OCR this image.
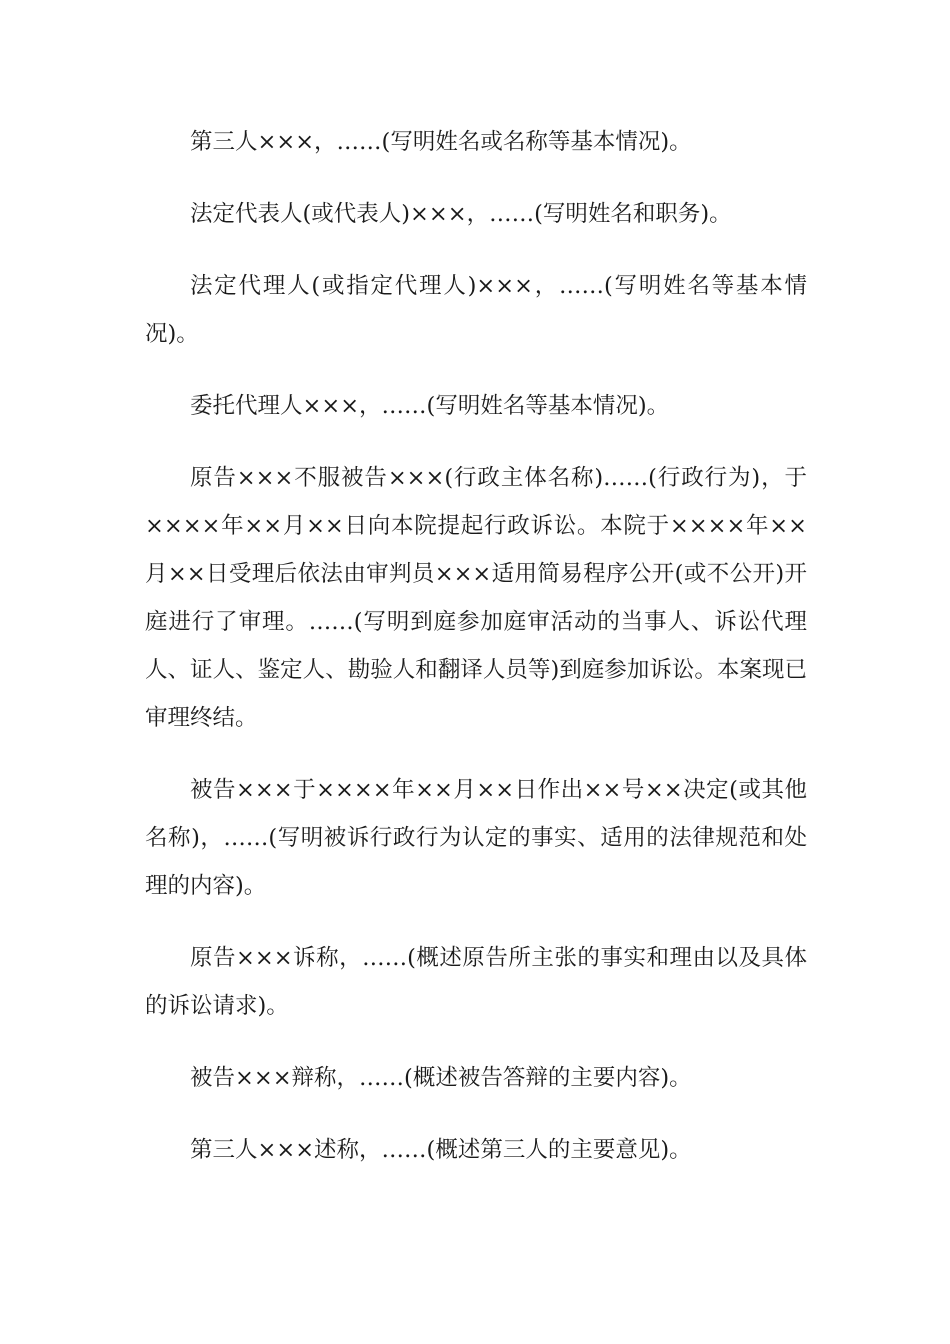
第三人×××，……(写明姓名或名称等基本情况)。

法定代表人(或代表人)×××，……(写明姓名和职务)。

法定代理人(或指定代理人)×××，……(写明姓名等基本情况)。

委托代理人×××，……(写明姓名等基本情况)。

原告×××不服被告×××(行政主体名称)……(行政行为)，于××××年××月××日向本院提起行政诉讼。本院于××××年××月××日受理后依法由审判员×××适用简易程序公开(或不公开)开庭进行了审理。……(写明到庭参加庭审活动的当事人、诉讼代理人、证人、鉴定人、勘验人和翻译人员等)到庭参加诉讼。本案现已审理终结。

被告×××于××××年××月××日作出××号××决定(或其他名称)，……(写明被诉行政行为认定的事实、适用的法律规范和处理的内容)。

原告×××诉称，……(概述原告所主张的事实和理由以及具体的诉讼请求)。

被告×××辩称，……(概述被告答辩的主要内容)。

第三人×××述称，……(概述第三人的主要意见)。
